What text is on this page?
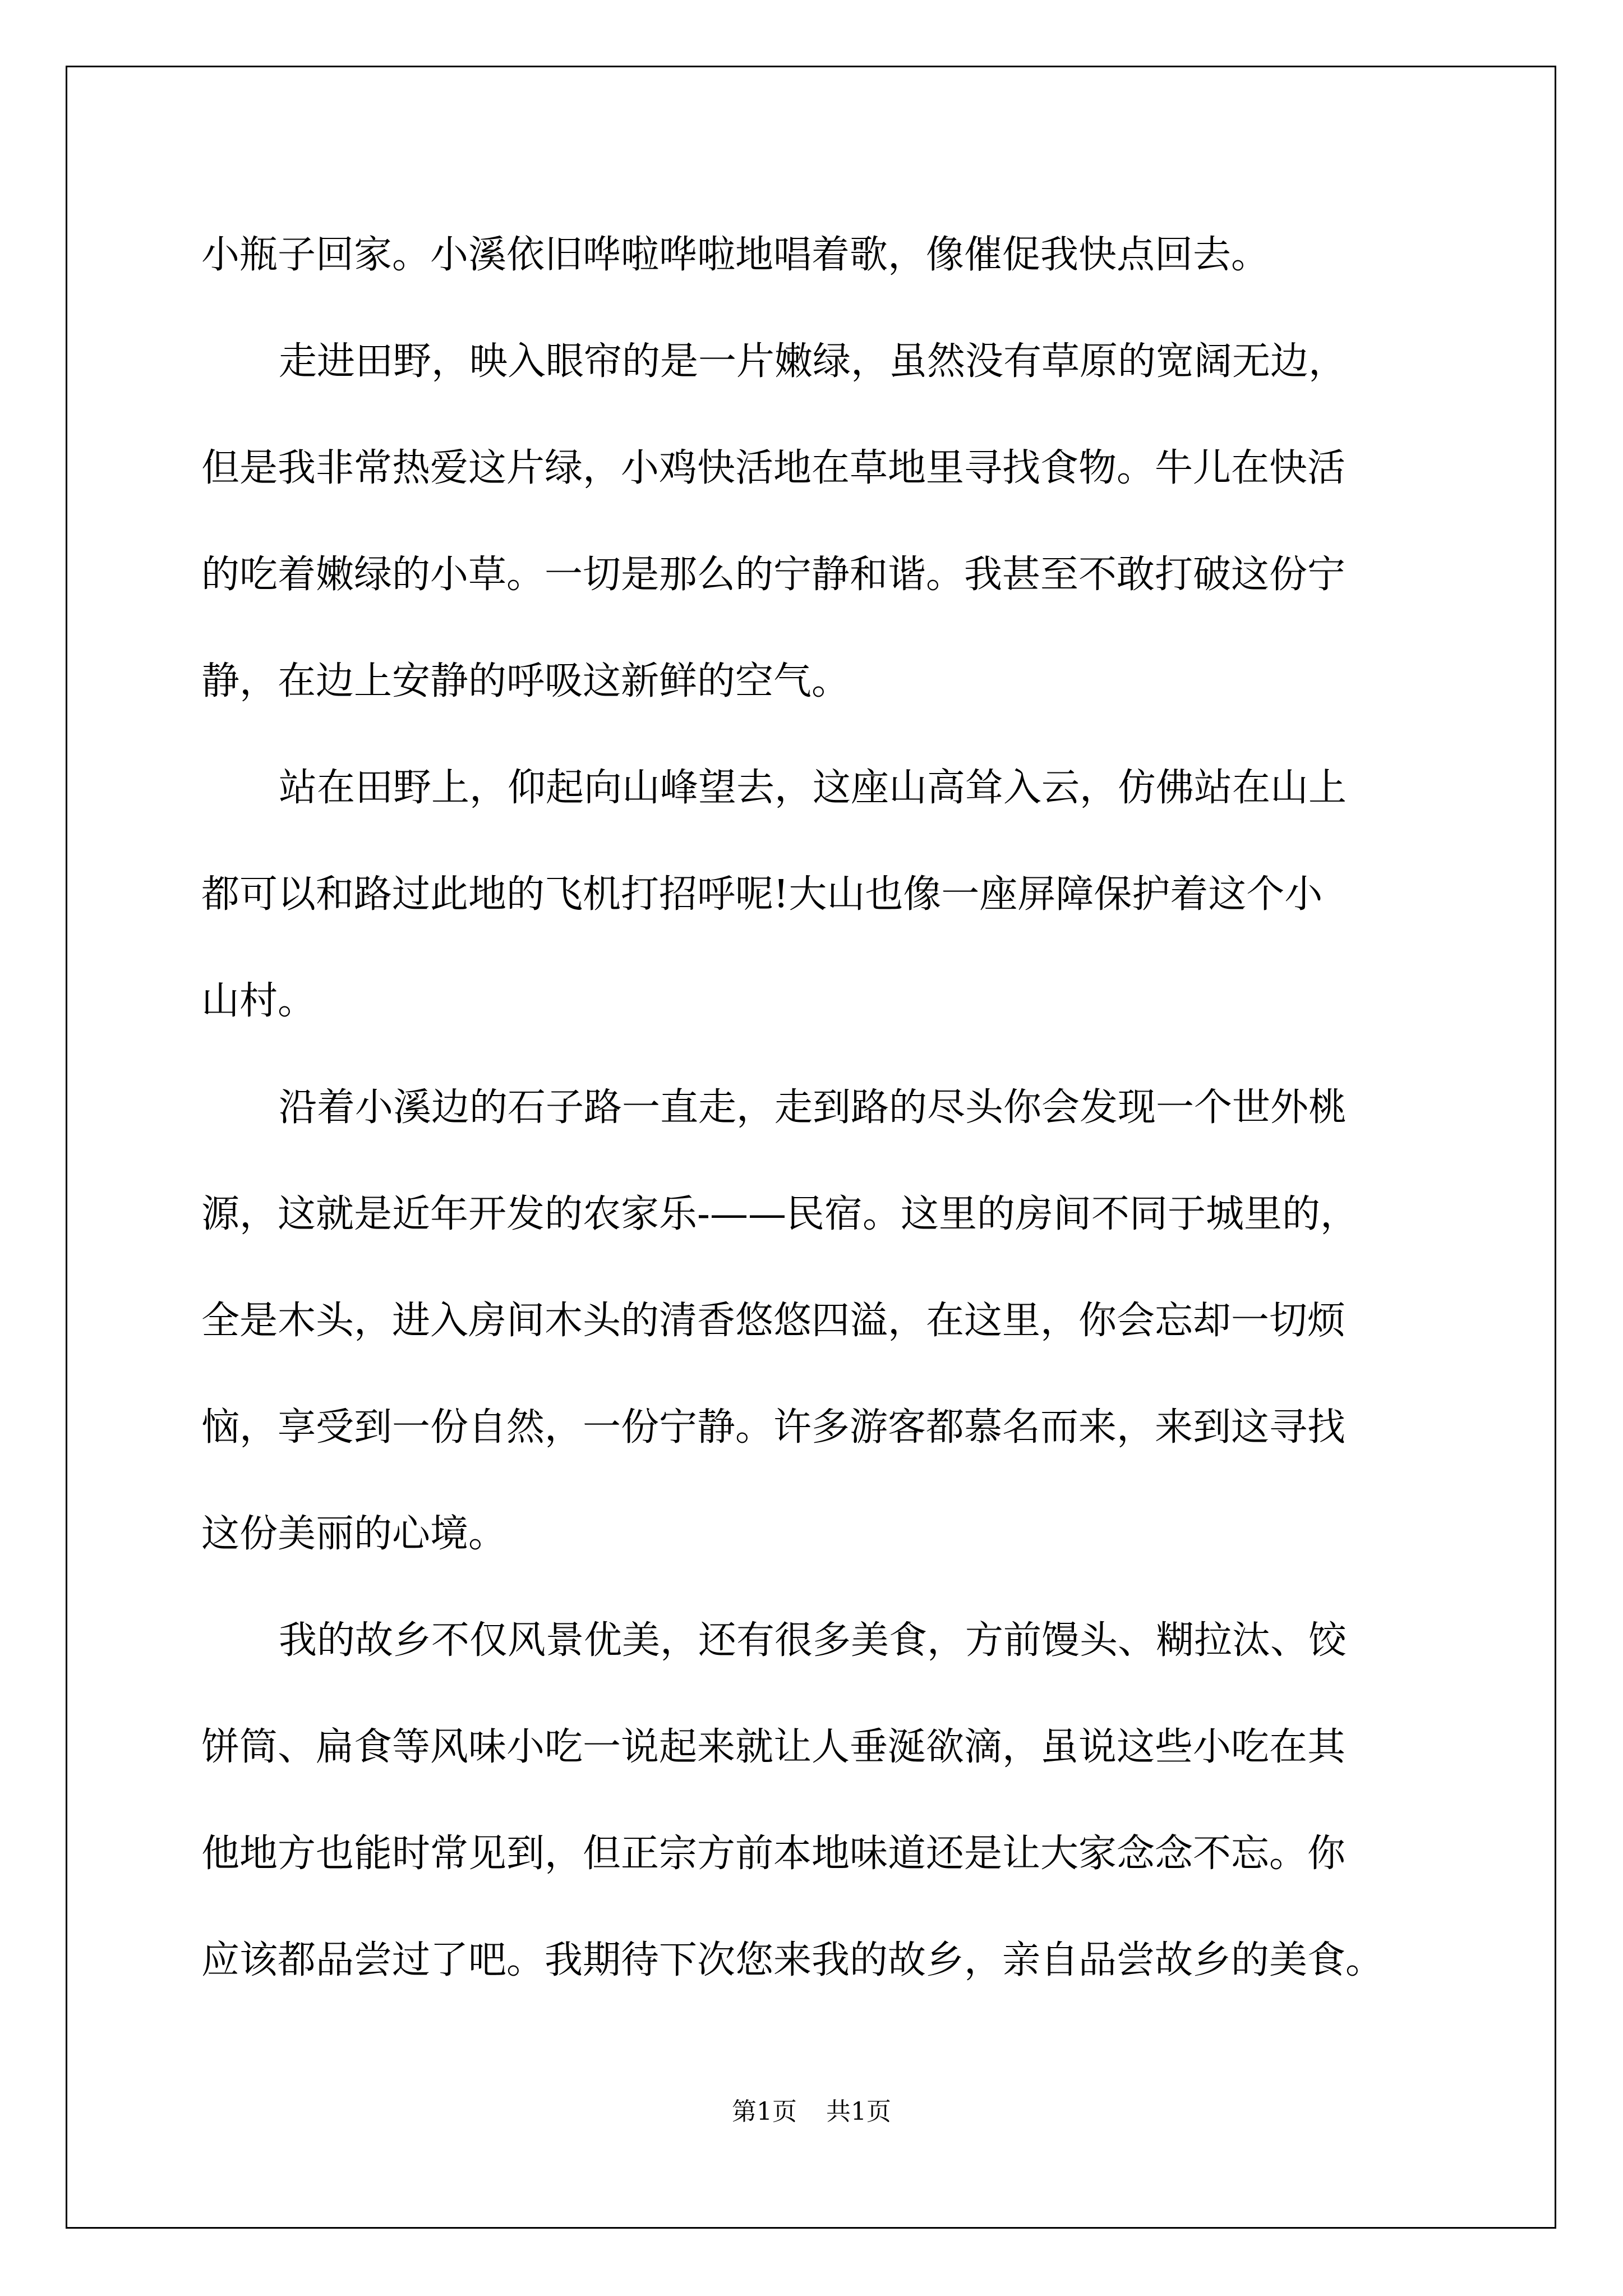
小瓶子回家。小溪依旧哗啦哗啦地唱着歌，像催促我快点回去。

走进田野，映入眼帘的是一片嫩绿，虽然没有草原的宽阔无边，

但是我非常热爱这片绿，小鸡快活地在草地里寻找食物。牛儿在快活

的吃着嫩绿的小草。一切是那么的宁静和谐。我甚至不敢打破这份宁

静，在边上安静的呼吸这新鲜的空气。

站在田野上，仰起向山峰望去，这座山高耸入云，仿佛站在山上

都可以和路过此地的飞机打招呼呢!大山也像一座屏障保护着这个小

山村。

沿着小溪边的石子路一直走，走到路的尽头你会发现一个世外桃

源，这就是近年开发的农家乐-——民宿。这里的房间不同于城里的，

全是木头，进入房间木头的清香悠悠四溢，在这里，你会忘却一切烦

恼，享受到一份自然，一份宁静。许多游客都慕名而来，来到这寻找

这份美丽的心境。

我的故乡不仅风景优美，还有很多美食，方前馒头、糊拉汰、饺

饼筒、扁食等风味小吃一说起来就让人垂涎欲滴，虽说这些小吃在其

他地方也能时常见到，但正宗方前本地味道还是让大家念念不忘。你

应该都品尝过了吧。我期待下次您来我的故乡，亲自品尝故乡的美食。

第1页 共1页
